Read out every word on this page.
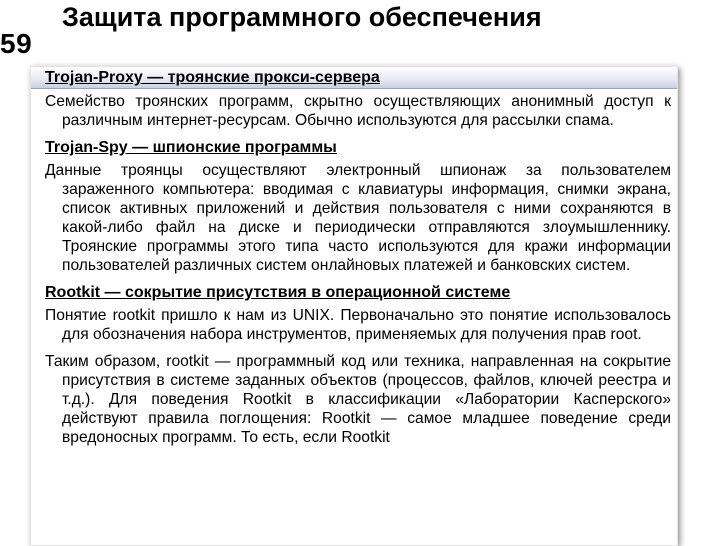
59
Защита программного обеспечения
Trojan-Proxy — троянские прокси-сервера

Семейство троянских программ, скрытно осуществляющих анонимный доступ к различным интернет-ресурсам. Обычно используются для рассылки спама.

Trojan-Spy — шпионские программы

Данные троянцы осуществляют электронный шпионаж за пользователем зараженного компьютера: вводимая с клавиатуры информация, снимки экрана, список активных приложений и действия пользователя с ними сохраняются в какой-либо файл на диске и периодически отправляются злоумышленнику. Троянские программы этого типа часто используются для кражи информации пользователей различных систем онлайновых платежей и банковских систем.

Rootkit — сокрытие присутствия в операционной системе

Понятие rootkit пришло к нам из UNIX. Первоначально это понятие использовалось для обозначения набора инструментов, применяемых для получения прав root.

Таким образом, rootkit — программный код или техника, направленная на сокрытие присутствия в системе заданных объектов (процессов, файлов, ключей реестра и т.д.). Для поведения Rootkit в классификации «Лаборатории Касперского» действуют правила поглощения: Rootkit — самое младшее поведение среди вредоносных программ. То есть, если Rootkit
